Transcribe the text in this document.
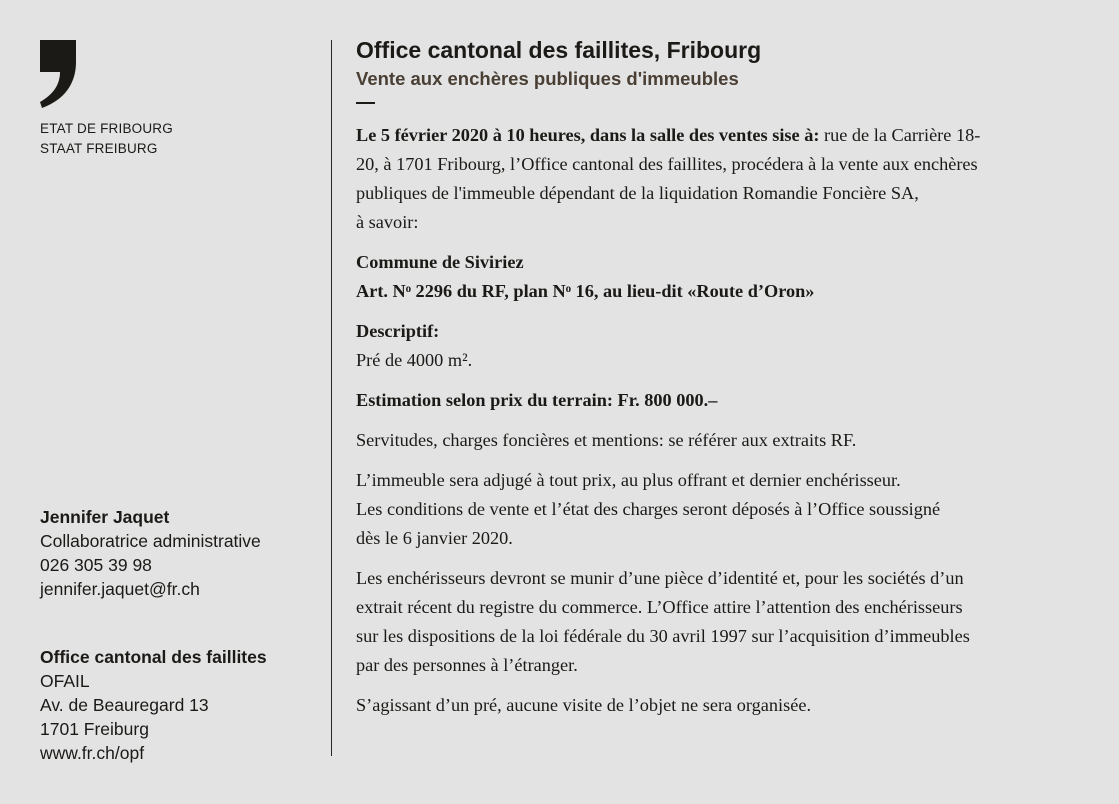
ETAT DE FRIBOURG
STAAT FREIBURG
Jennifer Jaquet
Collaboratrice administrative
026 305 39 98
jennifer.jaquet@fr.ch
Office cantonal des faillites
OFAIL
Av. de Beauregard 13
1701 Freiburg
www.fr.ch/opf
Office cantonal des faillites, Fribourg
Vente aux enchères publiques d'immeubles

Le 5 février 2020 à 10 heures, dans la salle des ventes sise à: rue de la Carrière 18-
20, à 1701 Fribourg, l’Office cantonal des faillites, procédera à la vente aux enchères
publiques de l'immeuble dépendant de la liquidation Romandie Foncière SA,
à savoir:

Commune de Siviriez
Art. Nᵒ 2296 du RF, plan Nᵒ 16, au lieu-dit «Route d’Oron»

Descriptif:
Pré de 4000 m².

Estimation selon prix du terrain: Fr. 800 000.–

Servitudes, charges foncières et mentions: se référer aux extraits RF.

L’immeuble sera adjugé à tout prix, au plus offrant et dernier enchérisseur.
Les conditions de vente et l’état des charges seront déposés à l’Office soussigné
dès le 6 janvier 2020.

Les enchérisseurs devront se munir d’une pièce d’identité et, pour les sociétés d’un
extrait récent du registre du commerce. L’Office attire l’attention des enchérisseurs
sur les dispositions de la loi fédérale du 30 avril 1997 sur l’acquisition d’immeubles
par des personnes à l’étranger.

S’agissant d’un pré, aucune visite de l’objet ne sera organisée.
